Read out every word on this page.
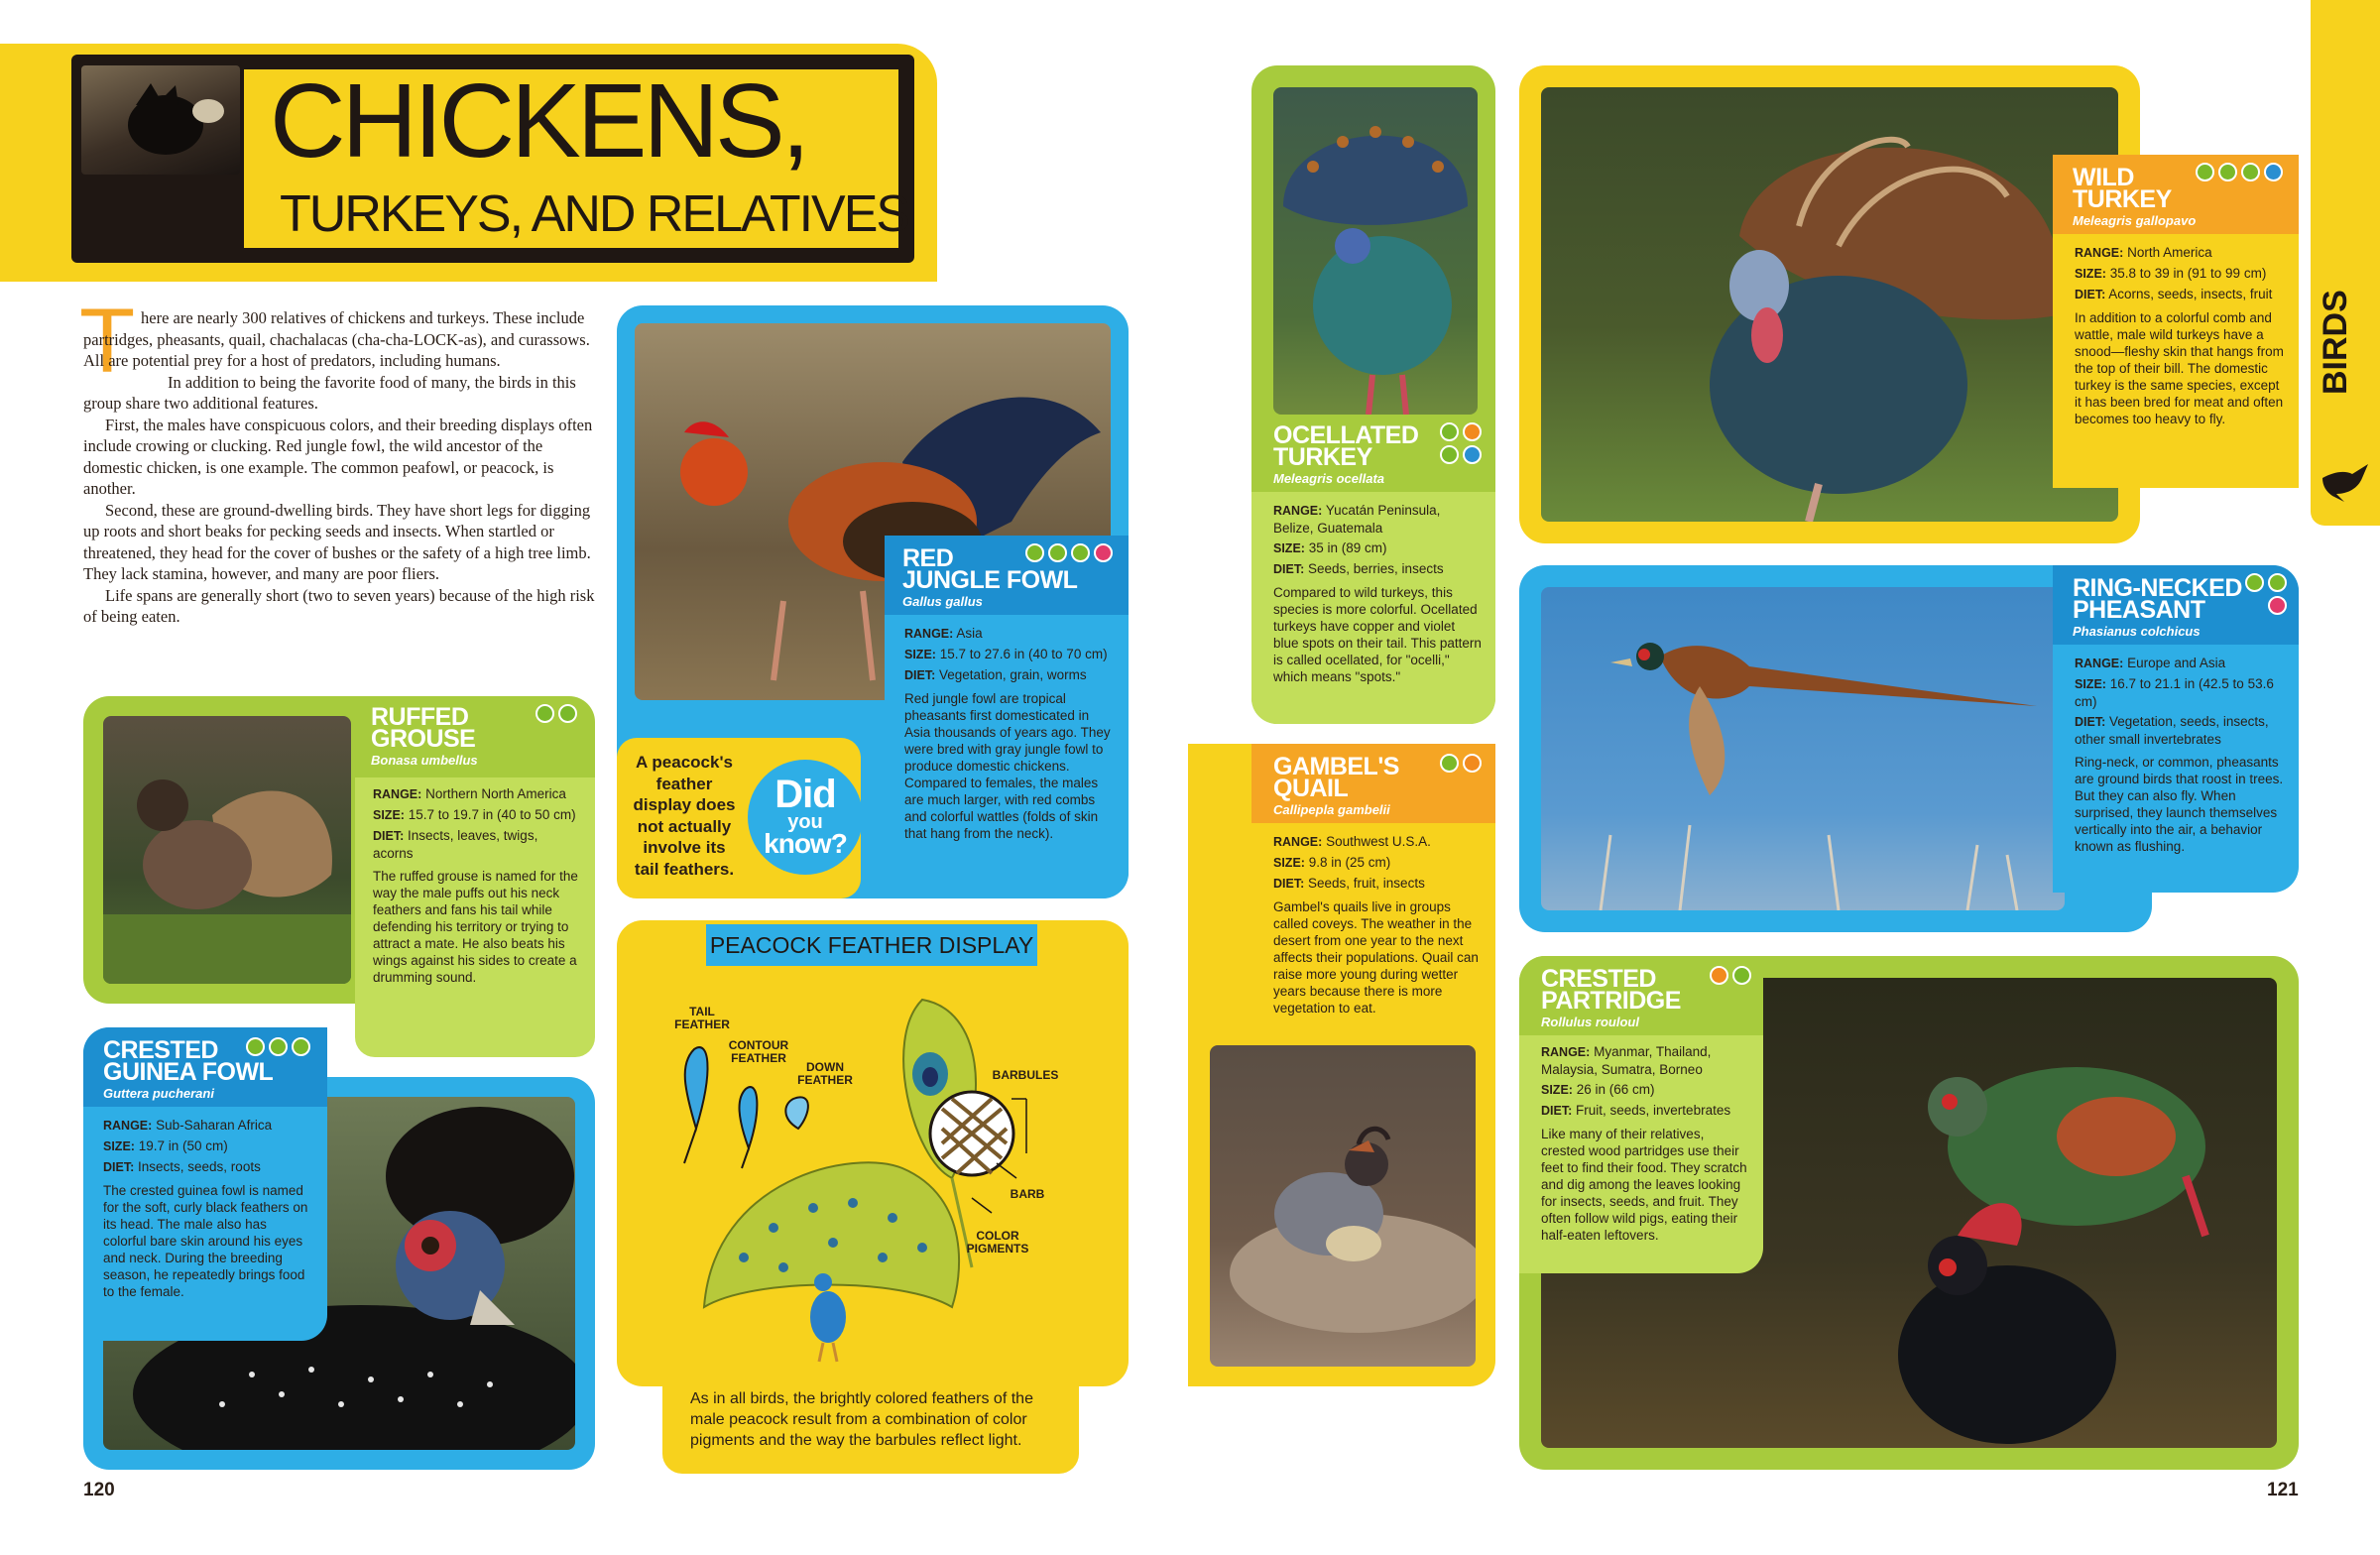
CHICKENS,
TURKEYS, AND RELATIVES
BIRDS
T here are nearly 300 relatives of chickens and turkeys. These include partridges, pheasants, quail, chachalacas (cha-cha-LOCK-as), and curassows. All are potential prey for a host of predators, including humans.

In addition to being the favorite food of many, the birds in this group share two additional features.

First, the males have conspicuous colors, and their breeding displays often include crowing or clucking. Red jungle fowl, the wild ancestor of the domestic chicken, is one example. The common peafowl, or peacock, is another.

Second, these are ground-dwelling birds. They have short legs for digging up roots and short beaks for pecking seeds and insects. When startled or threatened, they head for the cover of bushes or the safety of a high tree limb. They lack stamina, however, and many are poor fliers.

Life spans are generally short (two to seven years) because of the high risk of being eaten.

RED
JUNGLE FOWL
Gallus gallus
RANGE: Asia
SIZE: 15.7 to 27.6 in (40 to 70 cm)
DIET: Vegetation, grain, worms
Red jungle fowl are tropical pheasants first domesticated in Asia thousands of years ago. They were bred with gray jungle fowl to produce domestic chickens. Compared to females, the males are much larger, with red combs and colorful wattles (folds of skin that hang from the neck).
RUFFED
GROUSE
Bonasa umbellus
RANGE: Northern North America
SIZE: 15.7 to 19.7 in (40 to 50 cm)
DIET: Insects, leaves, twigs, acorns
The ruffed grouse is named for the way the male puffs out his neck feathers and fans his tail while defending his territory or trying to attract a mate. He also beats his wings against his sides to create a drumming sound.
CRESTED
GUINEA FOWL
Guttera pucherani
RANGE: Sub-Saharan Africa
SIZE: 19.7 in (50 cm)
DIET: Insects, seeds, roots
The crested guinea fowl is named for the soft, curly black feathers on its head. The male also has colorful bare skin around his eyes and neck. During the breeding season, he repeatedly brings food to the female.
A peacock's feather display does not actually involve its tail feathers.
Did
you
know?
PEACOCK FEATHER DISPLAY
TAIL FEATHER
CONTOUR FEATHER
DOWN FEATHER	BARBULES
BARB
COLOR PIGMENTS
As in all birds, the brightly colored feathers of the male peacock result from a combination of color pigments and the way the barbules reflect light.
OCELLATED
TURKEY
Meleagris ocellata
RANGE: Yucatán Peninsula, Belize, Guatemala
SIZE: 35 in (89 cm)
DIET: Seeds, berries, insects
Compared to wild turkeys, this species is more colorful. Ocellated turkeys have copper and violet blue spots on their tail. This pattern is called ocellated, for "ocelli," which means "spots."
GAMBEL'S
QUAIL
Callipepla gambelii
RANGE: Southwest U.S.A.
SIZE: 9.8 in (25 cm)
DIET: Seeds, fruit, insects
Gambel's quails live in groups called coveys. The weather in the desert from one year to the next affects their populations. Quail can raise more young during wetter years because there is more vegetation to eat.
WILD
TURKEY
Meleagris gallopavo
RANGE: North America
SIZE: 35.8 to 39 in (91 to 99 cm)
DIET: Acorns, seeds, insects, fruit
In addition to a colorful comb and wattle, male wild turkeys have a snood—fleshy skin that hangs from the top of their bill. The domestic turkey is the same species, except it has been bred for meat and often becomes too heavy to fly.
RING-NECKED
PHEASANT
Phasianus colchicus
RANGE: Europe and Asia
SIZE: 16.7 to 21.1 in (42.5 to 53.6 cm)
DIET: Vegetation, seeds, insects, other small invertebrates
Ring-neck, or common, pheasants are ground birds that roost in trees. But they can also fly. When surprised, they launch themselves vertically into the air, a behavior known as flushing.
CRESTED
PARTRIDGE
Rollulus rouloul
RANGE: Myanmar, Thailand, Malaysia, Sumatra, Borneo
SIZE: 26 in (66 cm)
DIET: Fruit, seeds, invertebrates
Like many of their relatives, crested wood partridges use their feet to find their food. They scratch and dig among the leaves looking for insects, seeds, and fruit. They often follow wild pigs, eating their half-eaten leftovers.
120	121
